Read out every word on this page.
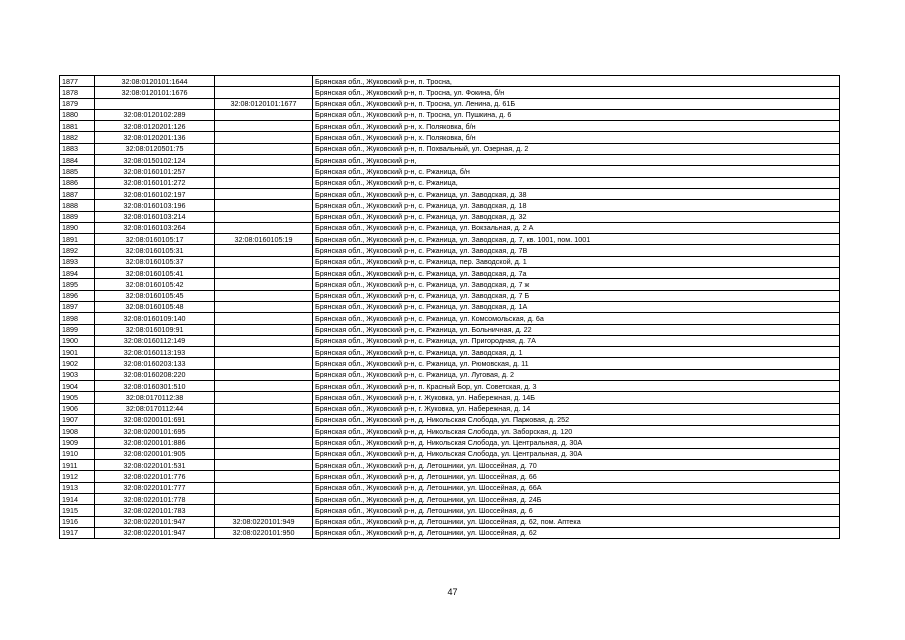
1877	32:08:0120101:1644		Брянская обл., Жуковский р-н, п. Тросна,
1878	32:08:0120101:1676		Брянская обл., Жуковский р-н, п. Тросна, ул. Фокина, б/н
1879		32:08:0120101:1677	Брянская обл., Жуковский р-н, п. Тросна, ул. Ленина, д. 61Б
1880	32:08:0120102:289		Брянская обл., Жуковский р-н, п. Тросна, ул. Пушкина, д. 6
1881	32:08:0120201:126		Брянская обл., Жуковский р-н, х. Поляковка, б/н
1882	32:08:0120201:136		Брянская обл., Жуковский р-н, х. Поляковка, б/н
1883	32:08:0120501:75		Брянская обл., Жуковский р-н, п. Похвальный, ул. Озерная, д. 2
1884	32:08:0150102:124		Брянская обл., Жуковский р-н,
1885	32:08:0160101:257		Брянская обл., Жуковский р-н, с. Ржаница, б/н
1886	32:08:0160101:272		Брянская обл., Жуковский р-н, с. Ржаница,
1887	32:08:0160102:197		Брянская обл., Жуковский р-н, с. Ржаница, ул. Заводская, д. 38
1888	32:08:0160103:196		Брянская обл., Жуковский р-н, с. Ржаница, ул. Заводская, д. 18
1889	32:08:0160103:214		Брянская обл., Жуковский р-н, с. Ржаница, ул. Заводская, д. 32
1890	32:08:0160103:264		Брянская обл., Жуковский р-н, с. Ржаница, ул. Вокзальная, д. 2 А
1891	32:08:0160105:17	32:08:0160105:19	Брянская обл., Жуковский р-н, с. Ржаница, ул. Заводская, д. 7, кв. 1001, пом. 1001
1892	32:08:0160105:31		Брянская обл., Жуковский р-н, с. Ржаница, ул. Заводская, д. 7В
1893	32:08:0160105:37		Брянская обл., Жуковский р-н, с. Ржаница, пер. Заводской, д. 1
1894	32:08:0160105:41		Брянская обл., Жуковский р-н, с. Ржаница, ул. Заводская, д. 7а
1895	32:08:0160105:42		Брянская обл., Жуковский р-н, с. Ржаница, ул. Заводская, д. 7 ж
1896	32:08:0160105:45		Брянская обл., Жуковский р-н, с. Ржаница, ул. Заводская, д. 7 Б
1897	32:08:0160105:48		Брянская обл., Жуковский р-н, с. Ржаница, ул. Заводская, д. 1А
1898	32:08:0160109:140		Брянская обл., Жуковский р-н, с. Ржаница, ул. Комсомольская, д. 6а
1899	32:08:0160109:91		Брянская обл., Жуковский р-н, с. Ржаница, ул. Больничная, д. 22
1900	32:08:0160112:149		Брянская обл., Жуковский р-н, с. Ржаница, ул. Пригородная, д. 7А
1901	32:08:0160113:193		Брянская обл., Жуковский р-н, с. Ржаница, ул. Заводская, д. 1
1902	32:08:0160203:133		Брянская обл., Жуковский р-н, с. Ржаница, ул. Рюмовская, д. 11
1903	32:08:0160208:220		Брянская обл., Жуковский р-н, с. Ржаница, ул. Луговая, д. 2
1904	32:08:0160301:510		Брянская обл., Жуковский р-н, п. Красный Бор, ул. Советская, д. 3
1905	32:08:0170112:38		Брянская обл., Жуковский р-н, г. Жуковка, ул. Набережная, д. 14Б
1906	32:08:0170112:44		Брянская обл., Жуковский р-н, г. Жуковка, ул. Набережная, д. 14
1907	32:08:0200101:691		Брянская обл., Жуковский р-н, д. Никольская Слобода, ул. Парковая, д. 252
1908	32:08:0200101:695		Брянская обл., Жуковский р-н, д. Никольская Слобода, ул. Заборская, д. 120
1909	32:08:0200101:886		Брянская обл., Жуковский р-н, д. Никольская Слобода, ул. Центральная, д. 30А
1910	32:08:0200101:905		Брянская обл., Жуковский р-н, д. Никольская Слобода, ул. Центральная, д. 30А
1911	32:08:0220101:531		Брянская обл., Жуковский р-н, д. Летошники, ул. Шоссейная, д. 70
1912	32:08:0220101:776		Брянская обл., Жуковский р-н, д. Летошники, ул. Шоссейная, д. 66
1913	32:08:0220101:777		Брянская обл., Жуковский р-н, д. Летошники, ул. Шоссейная, д. 66А
1914	32:08:0220101:778		Брянская обл., Жуковский р-н, д. Летошники, ул. Шоссейная, д. 24Б
1915	32:08:0220101:783		Брянская обл., Жуковский р-н, д. Летошники, ул. Шоссейная, д. 6
1916	32:08:0220101:947	32:08:0220101:949	Брянская обл., Жуковский р-н, д. Летошники, ул. Шоссейная, д. 62, пом. Аптека
1917	32:08:0220101:947	32:08:0220101:950	Брянская обл., Жуковский р-н, д. Летошники, ул. Шоссейная, д. 62
47
